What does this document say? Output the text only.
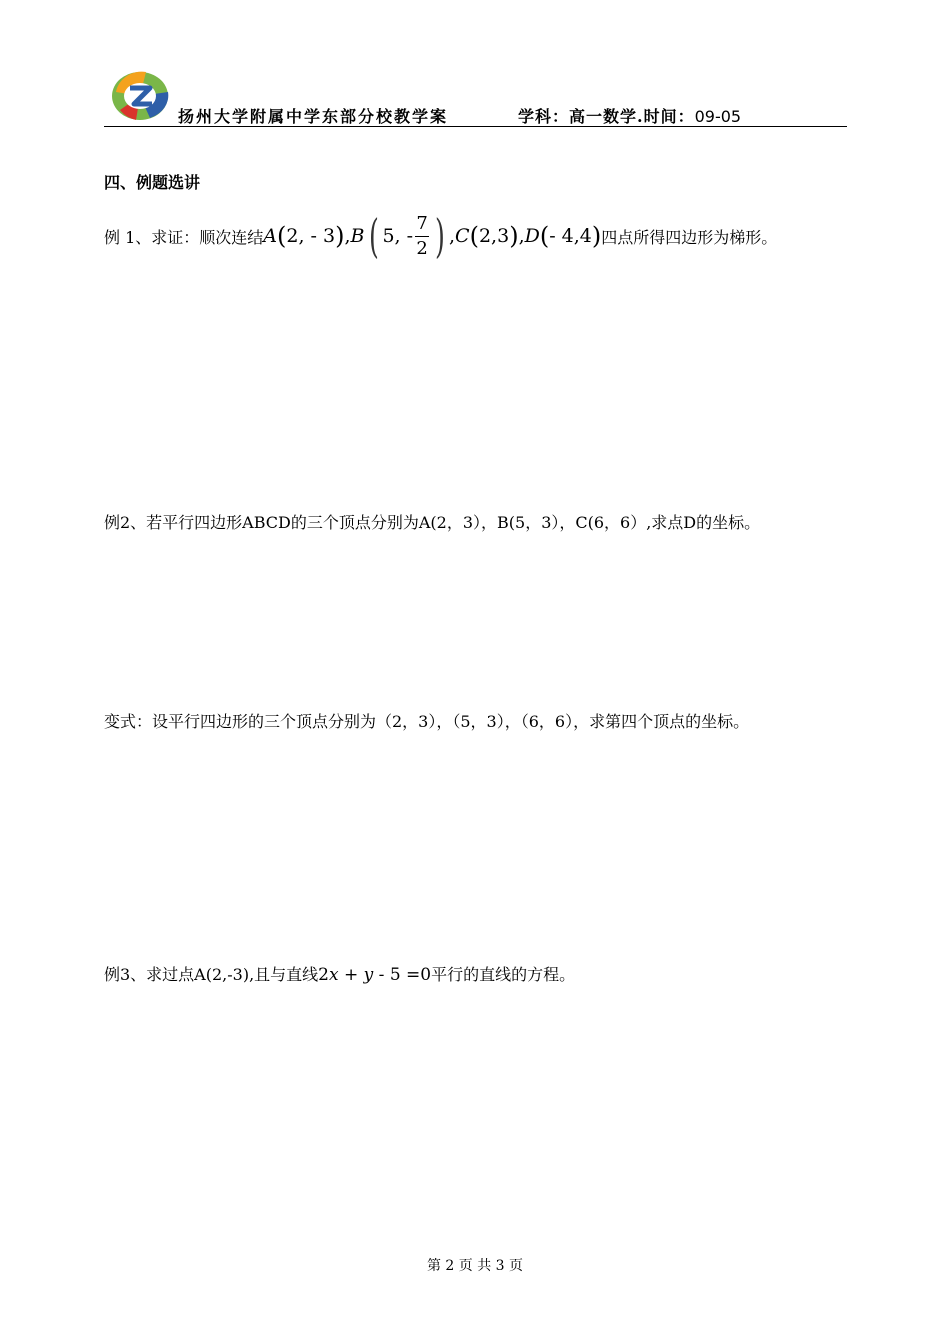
扬州大学附属中学东部分校教学案	学科：高一数学.时间：09-05
四、例题选讲
例 1、求证：顺次连结 A ( 2, - 3 ) , B ( 5, - $\frac{7}{2}$ ) , C ( 2,3 ) , D ( - 4,4 ) 四点所得四边形为梯形。
例2、若平行四边形ABCD的三个顶点分别为A(2，3），B(5，3），C(6，6）,求点D的坐标。
变式：设平行四边形的三个顶点分别为（2，3），（5，3），（6，6），求第四个顶点的坐标。
例3、求过点A(2,-3),且与直线2x + y - 5 =0平行的直线的方程。
第 2 页 共 3 页
